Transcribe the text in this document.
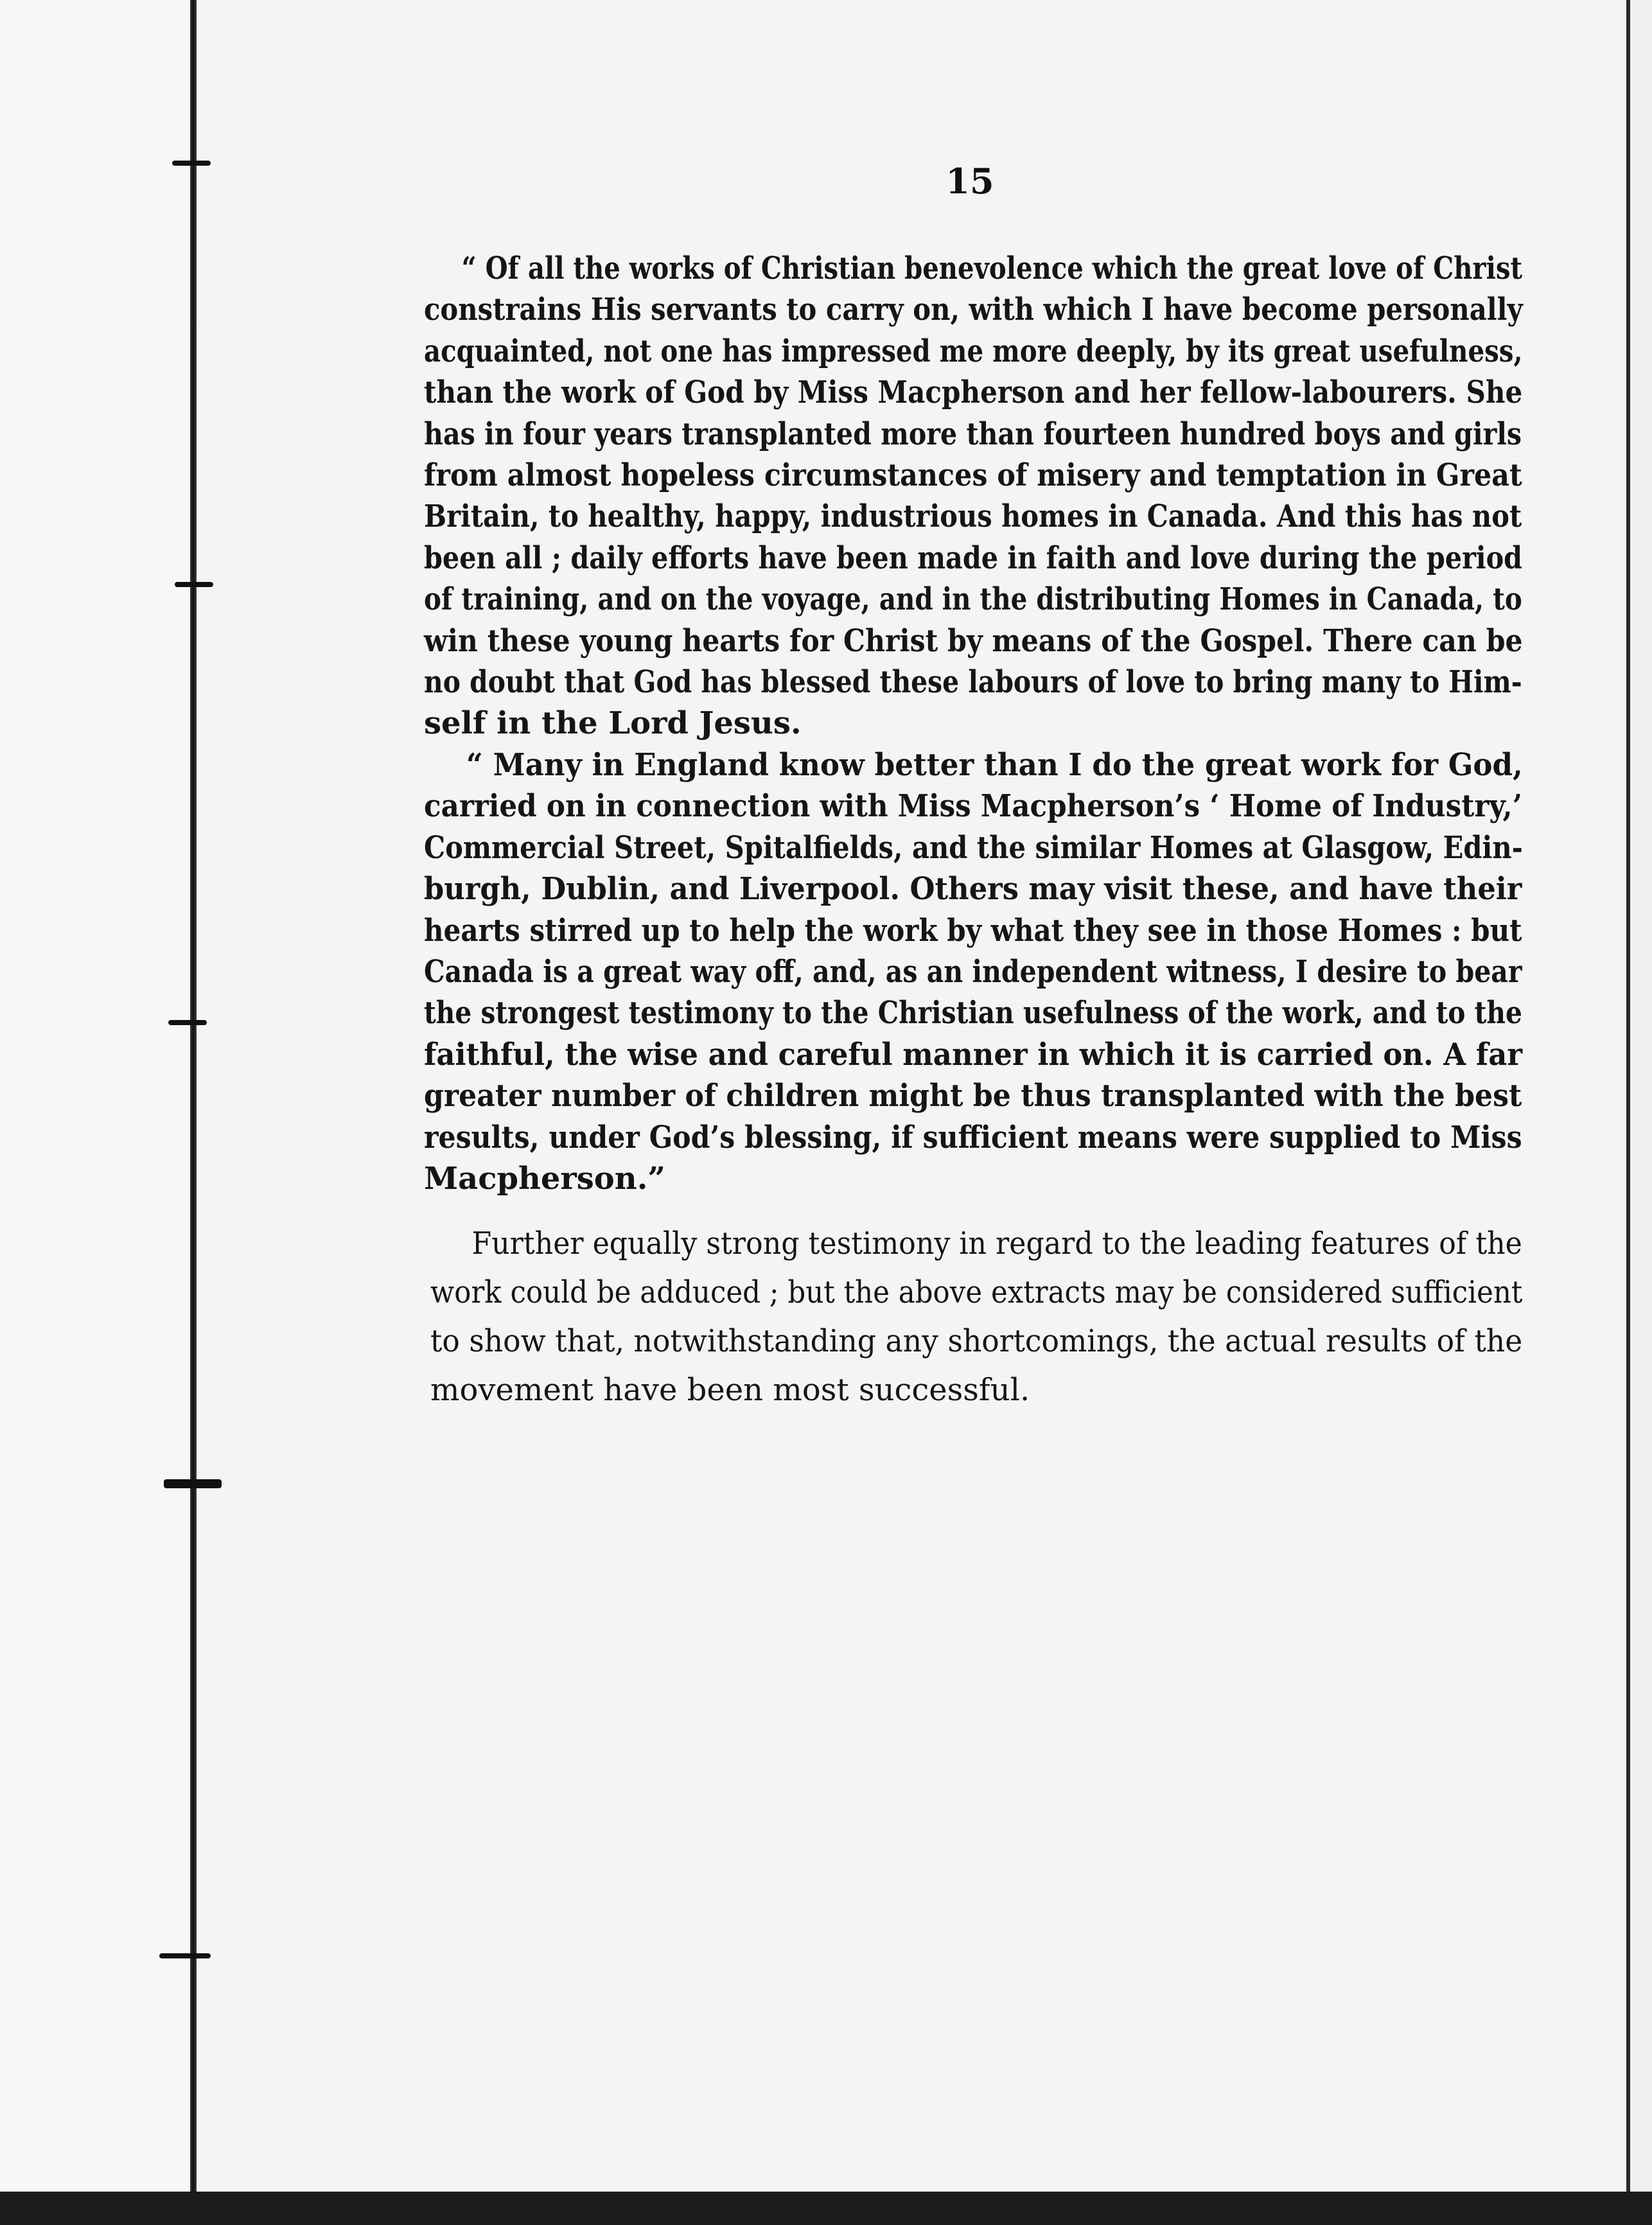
15
“ Of all the works of Christian benevolence which the great love of Christ
constrains His servants to carry on, with which I have become personally
acquainted, not one has impressed me more deeply, by its great usefulness,
than the work of God by Miss Macpherson and her fellow-labourers. She
has in four years transplanted more than fourteen hundred boys and girls
from almost hopeless circumstances of misery and temptation in Great
Britain, to healthy, happy, industrious homes in Canada. And this has not
been all ; daily efforts have been made in faith and love during the period
of training, and on the voyage, and in the distributing Homes in Canada, to
win these young hearts for Christ by means of the Gospel. There can be
no doubt that God has blessed these labours of love to bring many to Him-
self in the Lord Jesus.
“ Many in England know better than I do the great work for God,
carried on in connection with Miss Macpherson’s ‘ Home of Industry,’
Commercial Street, Spitalfields, and the similar Homes at Glasgow, Edin-
burgh, Dublin, and Liverpool. Others may visit these, and have their
hearts stirred up to help the work by what they see in those Homes : but
Canada is a great way off, and, as an independent witness, I desire to bear
the strongest testimony to the Christian usefulness of the work, and to the
faithful, the wise and careful manner in which it is carried on. A far
greater number of children might be thus transplanted with the best
results, under God’s blessing, if sufficient means were supplied to Miss
Macpherson.”
Further equally strong testimony in regard to the leading features of the
work could be adduced ; but the above extracts may be considered sufficient
to show that, notwithstanding any shortcomings, the actual results of the
movement have been most successful.
